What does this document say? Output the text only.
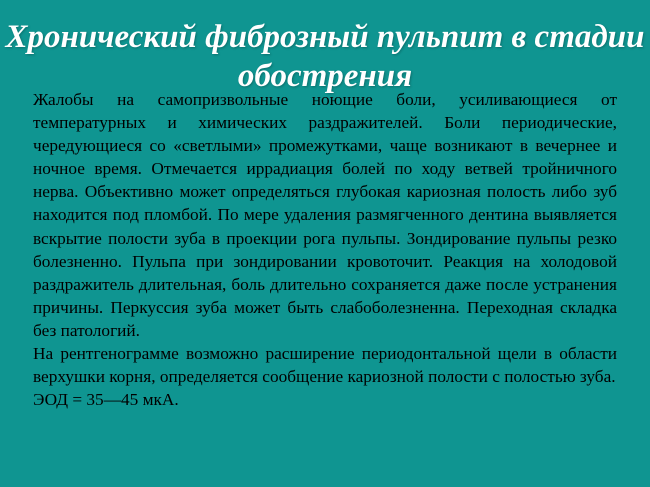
Жалобы на самопризвольные ноющие боли, усиливающиеся от температурных и химических раздражителей. Боли периодические, чередующиеся со «светлыми» промежутками, чаще возникают в вечернее и ночное время. Отмечается иррадиация болей по ходу ветвей тройничного нерва. Объективно может определяться глубокая кариозная полость либо зуб находится под пломбой. По мере удаления размягченного дентина выявляется вскрытие полости зуба в проекции рога пульпы. Зондирование пульпы резко болезненно. Пульпа при зондировании кровоточит. Реакция на холодовой раздражитель длительная, боль длительно сохраняется даже после устранения причины. Перкуссия зуба может быть слабоболезненна. Переходная складка без патологий.

На рентгенограмме возможно расширение периодонтальной щели в области верхушки корня, определяется сообщение кариозной полости с полостью зуба.

ЭОД = 35—45 мкА.

Хронический фиброзный пульпит в стадии обострения
